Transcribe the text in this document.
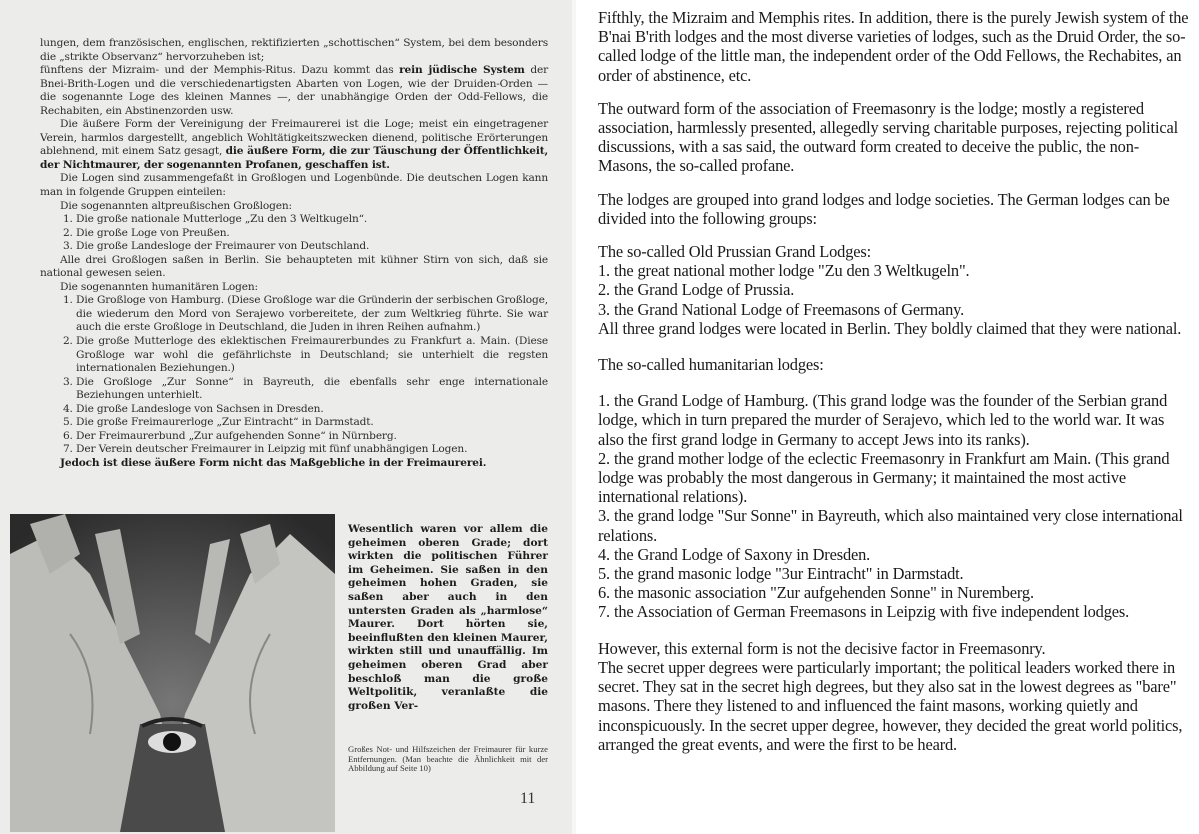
lungen, dem französischen, englischen, rektifizierten „schottischen“ System, bei dem besonders die „strikte Observanz“ hervorzuheben ist;

fünftens der Mizraim- und der Memphis-Ritus. Dazu kommt das rein jüdische System der Bnei-Brith-Logen und die verschiedenartigsten Abarten von Logen, wie der Druiden-Orden — die sogenannte Loge des kleinen Mannes —, der unabhängige Orden der Odd-Fellows, die Rechabiten, ein Abstinenzorden usw.

Die äußere Form der Vereinigung der Freimaurerei ist die Loge; meist ein eingetragener Verein, harmlos dargestellt, angeblich Wohltätigkeitszwecken dienend, politische Erörterungen ablehnend, mit einem Satz gesagt, die äußere Form, die zur Täuschung der Öffentlichkeit, der Nichtmaurer, der sogenannten Profanen, geschaffen ist.

Die Logen sind zusammengefaßt in Großlogen und Logenbünde. Die deutschen Logen kann man in folgende Gruppen einteilen:

Die sogenannten altpreußischen Großlogen:

1. Die große nationale Mutterloge „Zu den 3 Weltkugeln“.
2. Die große Loge von Preußen.
3. Die große Landesloge der Freimaurer von Deutschland.

Alle drei Großlogen saßen in Berlin. Sie behaupteten mit kühner Stirn von sich, daß sie national gewesen seien.

Die sogenannten humanitären Logen:

1. Die Großloge von Hamburg. (Diese Großloge war die Gründerin der serbischen Großloge, die wiederum den Mord von Serajewo vorbereitete, der zum Weltkrieg führte. Sie war auch die erste Großloge in Deutschland, die Juden in ihren Reihen aufnahm.)
2. Die große Mutterloge des eklektischen Freimaurerbundes zu Frankfurt a. Main. (Diese Großloge war wohl die gefährlichste in Deutschland; sie unterhielt die regsten internationalen Beziehungen.)
3. Die Großloge „Zur Sonne“ in Bayreuth, die ebenfalls sehr enge internationale Beziehungen unterhielt.
4. Die große Landesloge von Sachsen in Dresden.
5. Die große Freimaurerloge „Zur Eintracht“ in Darmstadt.
6. Der Freimaurerbund „Zur aufgehenden Sonne“ in Nürnberg.
7. Der Verein deutscher Freimaurer in Leipzig mit fünf unabhängigen Logen.

Jedoch ist diese äußere Form nicht das Maßgebliche in der Freimaurerei.

Wesentlich waren vor allem die geheimen oberen Grade; dort wirkten die politischen Führer im Geheimen. Sie saßen in den geheimen hohen Graden, sie saßen aber auch in den untersten Graden als „harmlose“ Maurer. Dort hörten sie, beeinflußten den kleinen Maurer, wirkten still und unauffällig. Im geheimen oberen Grad aber beschloß man die große Weltpolitik, veranlaßte die großen Ver-
Großes Not- und Hilfszeichen der Freimaurer für kurze Entfernungen. (Man beachte die Ähnlichkeit mit der Abbildung auf Seite 10)
11

Fifthly, the Mizraim and Memphis rites. In addition, there is the purely Jewish system of the B'nai B'rith lodges and the most diverse varieties of lodges, such as the Druid Order, the so-called lodge of the little man, the independent order of the Odd Fellows, the Rechabites, an order of abstinence, etc.

The outward form of the association of Freemasonry is the lodge; mostly a registered association, harmlessly presented, allegedly serving charitable purposes, rejecting political discussions, with a sas said, the outward form created to deceive the public, the non-Masons, the so-called profane.

The lodges are grouped into grand lodges and lodge societies. The German lodges can be divided into the following groups:

The so-called Old Prussian Grand Lodges:
1. the great national mother lodge "Zu den 3 Weltkugeln".
2. the Grand Lodge of Prussia.
3. the Grand National Lodge of Freemasons of Germany.
All three grand lodges were located in Berlin. They boldly claimed that they were national.

The so-called humanitarian lodges:

1. the Grand Lodge of Hamburg. (This grand lodge was the founder of the Serbian grand lodge, which in turn prepared the murder of Serajevo, which led to the world war. It was also the first grand lodge in Germany to accept Jews into its ranks).
2. the grand mother lodge of the eclectic Freemasonry in Frankfurt am Main. (This grand lodge was probably the most dangerous in Germany; it maintained the most active international relations).
3. the grand lodge "Sur Sonne" in Bayreuth, which also maintained very close international relations.
4. the Grand Lodge of Saxony in Dresden.
5. the grand masonic lodge "3ur Eintracht" in Darmstadt.
6. the masonic association "Zur aufgehenden Sonne" in Nuremberg.
7. the Association of German Freemasons in Leipzig with five independent lodges.
However, this external form is not the decisive factor in Freemasonry.
The secret upper degrees were particularly important; the political leaders worked there in secret. They sat in the secret high degrees, but they also sat in the lowest degrees as "bare" masons. There they listened to and influenced the faint masons, working quietly and inconspicuously. In the secret upper degree, however, they decided the great world politics, arranged the great events, and were the first to be heard.
